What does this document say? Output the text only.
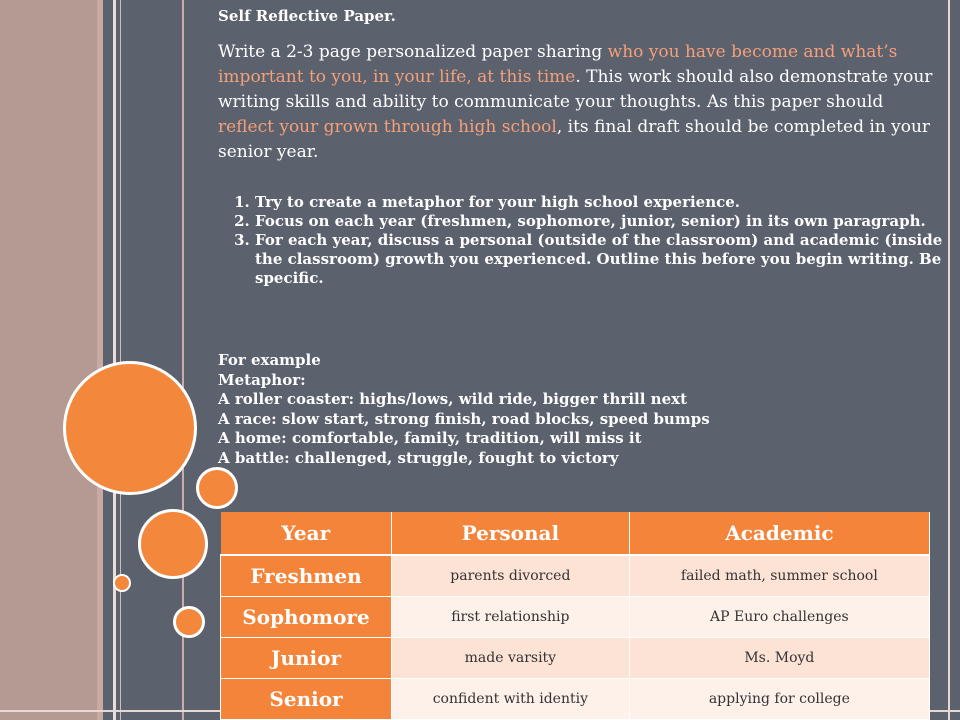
Self Reflective Paper.
Write a 2-3 page personalized paper sharing who you have become and what’s important to you, in your life, at this time. This work should also demonstrate your writing skills and ability to communicate your thoughts. As this paper should reflect your grown through high school, its final draft should be completed in your senior year.
1. Try to create a metaphor for your high school experience.
2. Focus on each year (freshmen, sophomore, junior, senior) in its own paragraph.
3. For each year, discuss a personal (outside of the classroom) and academic (inside the classroom) growth you experienced. Outline this before you begin writing. Be specific.
For example
Metaphor:
A roller coaster: highs/lows, wild ride, bigger thrill next
A race: slow start, strong finish, road blocks, speed bumps
A home: comfortable, family, tradition, will miss it
A battle: challenged, struggle, fought to victory
Year	Personal	Academic
Freshmen	parents divorced	failed math, summer school
Sophomore	first relationship	AP Euro challenges
Junior	made varsity	Ms. Moyd
Senior	confident with identiy	applying for college
